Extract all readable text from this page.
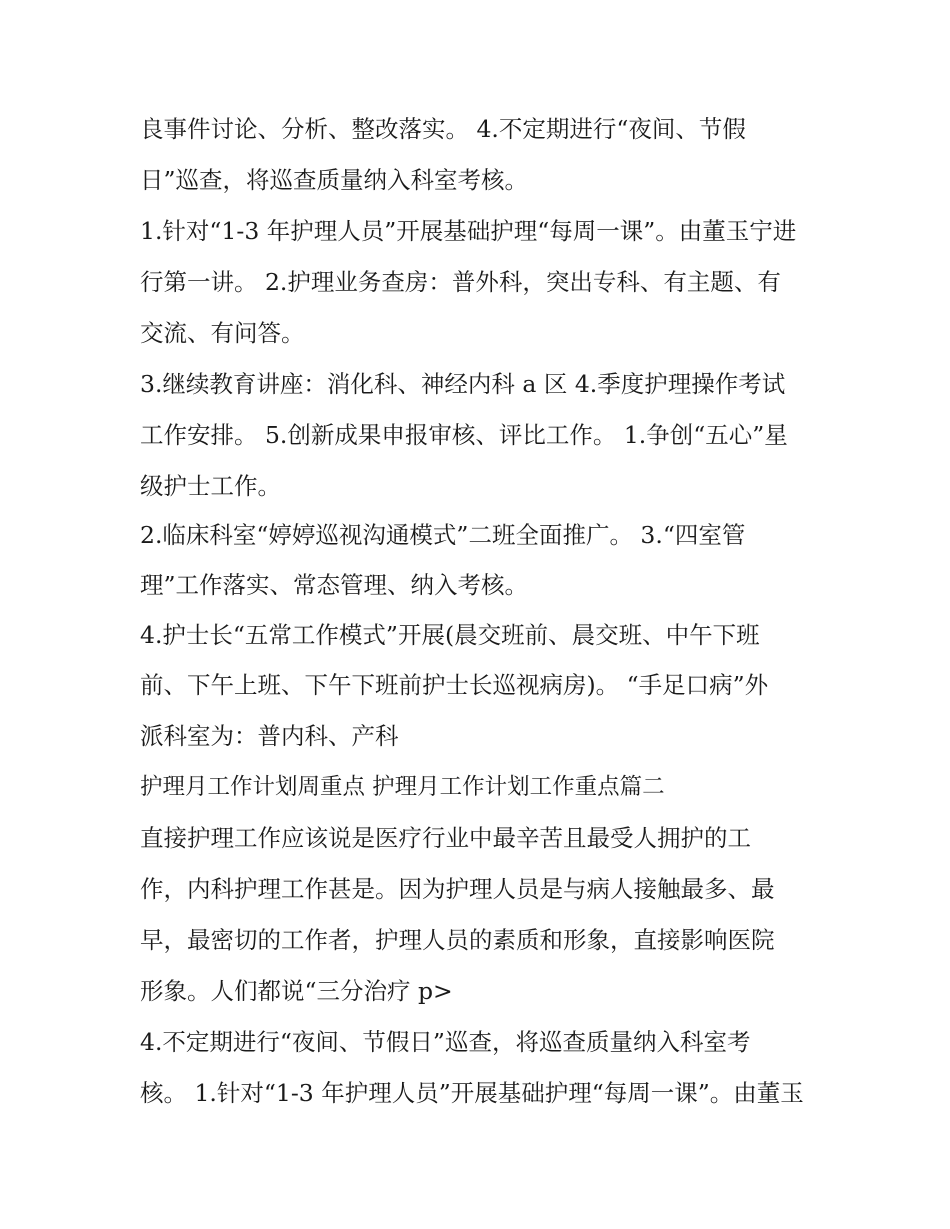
良事件讨论、分析、整改落实。 4.不定期进行“夜间、节假
日”巡查，将巡查质量纳入科室考核。
1.针对“1-3 年护理人员”开展基础护理“每周一课”。由董玉宁进
行第一讲。 2.护理业务查房：普外科，突出专科、有主题、有
交流、有问答。
3.继续教育讲座：消化科、神经内科 a 区 4.季度护理操作考试
工作安排。 5.创新成果申报审核、评比工作。 1.争创“五心”星
级护士工作。
2.临床科室“婷婷巡视沟通模式”二班全面推广。 3.“四室管
理”工作落实、常态管理、纳入考核。
4.护士长“五常工作模式”开展(晨交班前、晨交班、中午下班
前、下午上班、下午下班前护士长巡视病房)。 “手足口病”外
派科室为：普内科、产科
护理月工作计划周重点 护理月工作计划工作重点篇二
直接护理工作应该说是医疗行业中最辛苦且最受人拥护的工
作，内科护理工作甚是。因为护理人员是与病人接触最多、最
早，最密切的工作者，护理人员的素质和形象，直接影响医院
形象。人们都说“三分治疗 p>
4.不定期进行“夜间、节假日”巡查，将巡查质量纳入科室考
核。 1.针对“1-3 年护理人员”开展基础护理“每周一课”。由董玉
